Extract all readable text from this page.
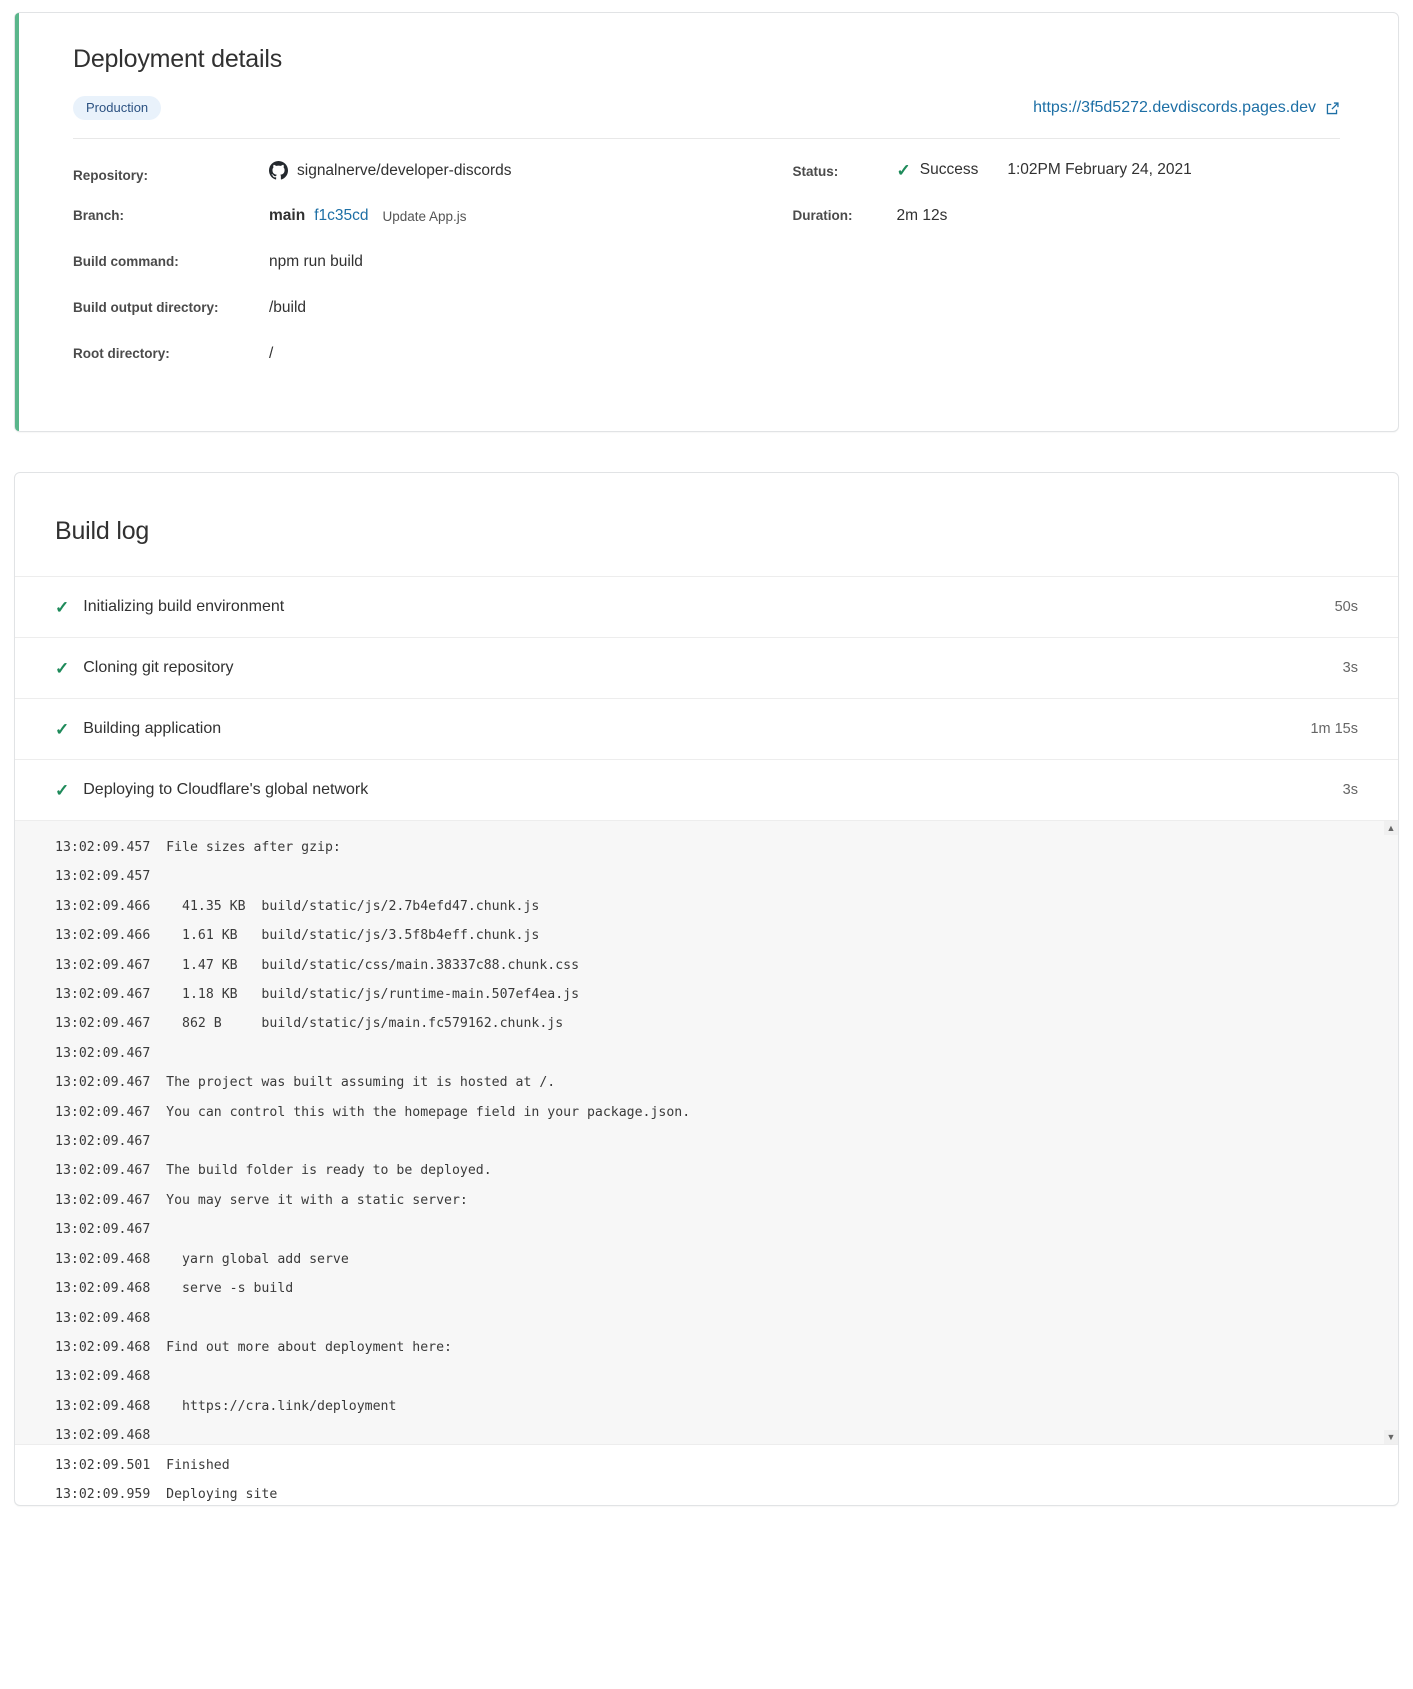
Deployment details
Production	https://3f5d5272.devdiscords.pages.dev
Repository:	signalnerve/developer-discords
Branch:	main f1c35cd Update App.js
Build command:	npm run build
Build output directory:	/build
Root directory:	/
Status:	✓ Success 1:02PM February 24, 2021
Duration:	2m 12s
Build log
✓ Initializing build environment	50s
✓ Cloning git repository	3s
✓ Building application	1m 15s
✓ Deploying to Cloudflare's global network	3s
13:02:09.457  File sizes after gzip:
13:02:09.457
13:02:09.466    41.35 KB  build/static/js/2.7b4efd47.chunk.js
13:02:09.466    1.61 KB   build/static/js/3.5f8b4eff.chunk.js
13:02:09.467    1.47 KB   build/static/css/main.38337c88.chunk.css
13:02:09.467    1.18 KB   build/static/js/runtime-main.507ef4ea.js
13:02:09.467    862 B     build/static/js/main.fc579162.chunk.js
13:02:09.467
13:02:09.467  The project was built assuming it is hosted at /.
13:02:09.467  You can control this with the homepage field in your package.json.
13:02:09.467
13:02:09.467  The build folder is ready to be deployed.
13:02:09.467  You may serve it with a static server:
13:02:09.467
13:02:09.468    yarn global add serve
13:02:09.468    serve -s build
13:02:09.468
13:02:09.468  Find out more about deployment here:
13:02:09.468
13:02:09.468    https://cra.link/deployment
13:02:09.468
13:02:09.501  Finished
13:02:09.959  Deploying site
▲
▼
